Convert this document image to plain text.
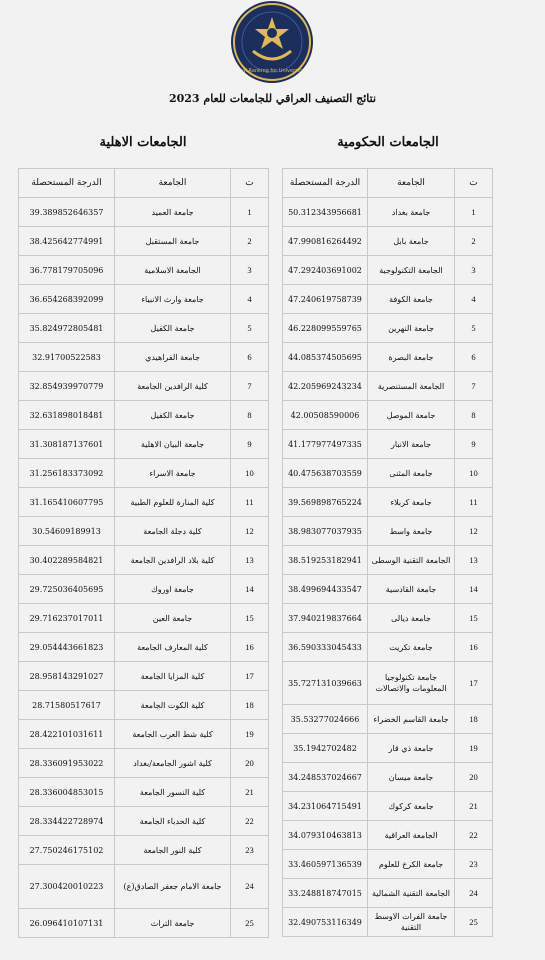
Iraqi Ranking for Universities
نتائج التصنيف العراقي للجامعات للعام 2023
الجامعات الحكومية
الجامعات الاهلية
ت	الجامعة	الدرجة المستحصلة
1	جامعة بغداد	50.312343956681
2	جامعة بابل	47.990816264492
3	الجامعة التكنولوجية	47.292403691002
4	جامعة الكوفة	47.240619758739
5	جامعة النهرين	46.228099559765
6	جامعة البصرة	44.085374505695
7	الجامعة المستنصرية	42.205969243234
8	جامعة الموصل	42.00508590006
9	جامعة الانبار	41.177977497335
10	جامعة المثنى	40.475638703559
11	جامعة كربلاء	39.569898765224
12	جامعة واسط	38.983077037935
13	الجامعة التقنية الوسطى	38.519253182941
14	جامعة القادسية	38.499694433547
15	جامعة ديالى	37.940219837664
16	جامعة تكريت	36.590333045433
17	جامعة تكنولوجيا المعلومات والاتصالات	35.727131039663
18	جامعة القاسم الخضراء	35.53277024666
19	جامعة ذي قار	35.1942702482
20	جامعة ميسان	34.248537024667
21	جامعة كركوك	34.231064715491
22	الجامعة العراقية	34.079310463813
23	جامعة الكرخ للعلوم	33.460597136539
24	الجامعة التقنية الشمالية	33.248818747015
25	جامعة الفرات الاوسط التقنية	32.490753116349
ت	الجامعة	الدرجة المستحصلة
1	جامعة العميد	39.389852646357
2	جامعة المستقبل	38.425642774991
3	الجامعة الاسلامية	36.778179705096
4	جامعة وارث الانبياء	36.654268392099
5	جامعة الكفيل	35.824972805481
6	جامعة الفراهيدي	32.91700522583
7	كلية الرافدين الجامعة	32.854939970779
8	جامعة الكفيل	32.631898018481
9	جامعة البيان الاهلية	31.308187137601
10	جامعة الاسراء	31.256183373092
11	كلية المنارة للعلوم الطبية	31.165410607795
12	كلية دجلة الجامعة	30.54609189913
13	كلية بلاد الرافدين الجامعة	30.402289584821
14	جامعة اوروك	29.725036405695
15	جامعة العين	29.716237017011
16	كلية المعارف الجامعة	29.054443661823
17	كلية المزايا الجامعة	28.958143291027
18	كلية الكوت الجامعة	28.71580517617
19	كلية شط العرب الجامعة	28.422101031611
20	كلية اشور الجامعة/بغداد	28.336091953022
21	كلية النسور الجامعة	28.336004853015
22	كلية الحدباء الجامعة	28.334422728974
23	كلية النور الجامعة	27.750246175102
24	جامعة الامام جعفر الصادق(ع)	27.300420010223
25	جامعة التراث	26.096410107131
